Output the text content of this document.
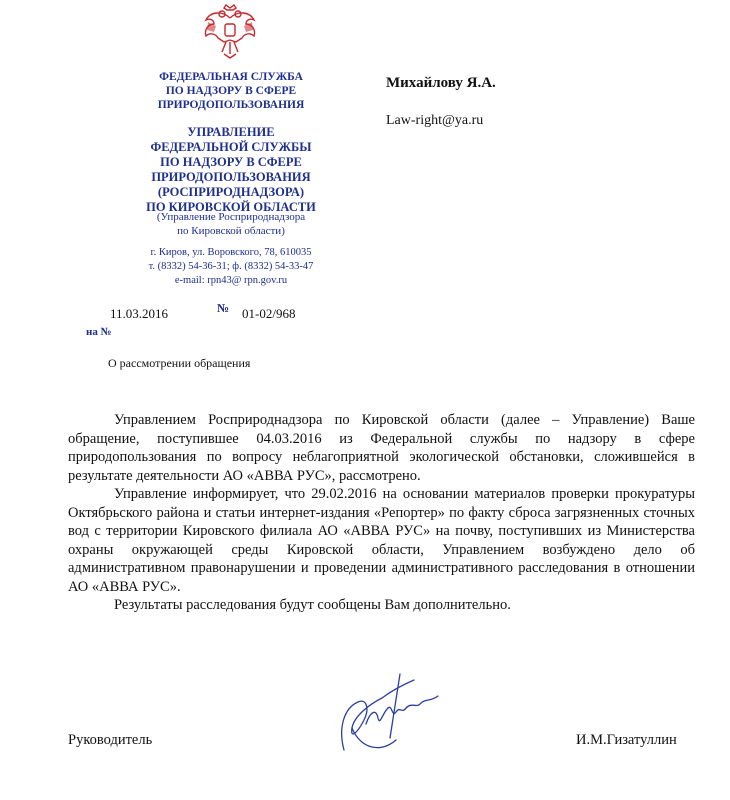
ФЕДЕРАЛЬНАЯ СЛУЖБА
ПО НАДЗОРУ В СФЕРЕ
ПРИРОДОПОЛЬЗОВАНИЯ
УПРАВЛЕНИЕ
ФЕДЕРАЛЬНОЙ СЛУЖБЫ
ПО НАДЗОРУ В СФЕРЕ
ПРИРОДОПОЛЬЗОВАНИЯ
(РОСПРИРОДНАДЗОРА)
ПО КИРОВСКОЙ ОБЛАСТИ
(Управление Росприроднадзора
по Кировской области)
г. Киров, ул. Воровского, 78, 610035
т. (8332) 54-36-31; ф. (8332) 54-33-47
e-mail: rpn43@ rpn.gov.ru
Михайлову Я.А.
Law-right@ya.ru
11.03.2016	№ 01-02/968
на №
О рассмотрении обращения

Управлением Росприроднадзора по Кировской области (далее – Управление) Ваше обращение, поступившее 04.03.2016 из Федеральной службы по надзору в сфере природопользования по вопросу неблагоприятной экологической обстановки, сложившейся в результате деятельности АО «АВВА РУС», рассмотрено.

Управление информирует, что 29.02.2016 на основании материалов проверки прокуратуры Октябрьского района и статьи интернет-издания «Репортер» по факту сброса загрязненных сточных вод с территории Кировского филиала АО «АВВА РУС» на почву, поступивших из Министерства охраны окружающей среды Кировской области, Управлением возбуждено дело об административном правонарушении и проведении административного расследования в отношении АО «АВВА РУС».

Результаты расследования будут сообщены Вам дополнительно.

Руководитель	И.М.Гизатуллин
